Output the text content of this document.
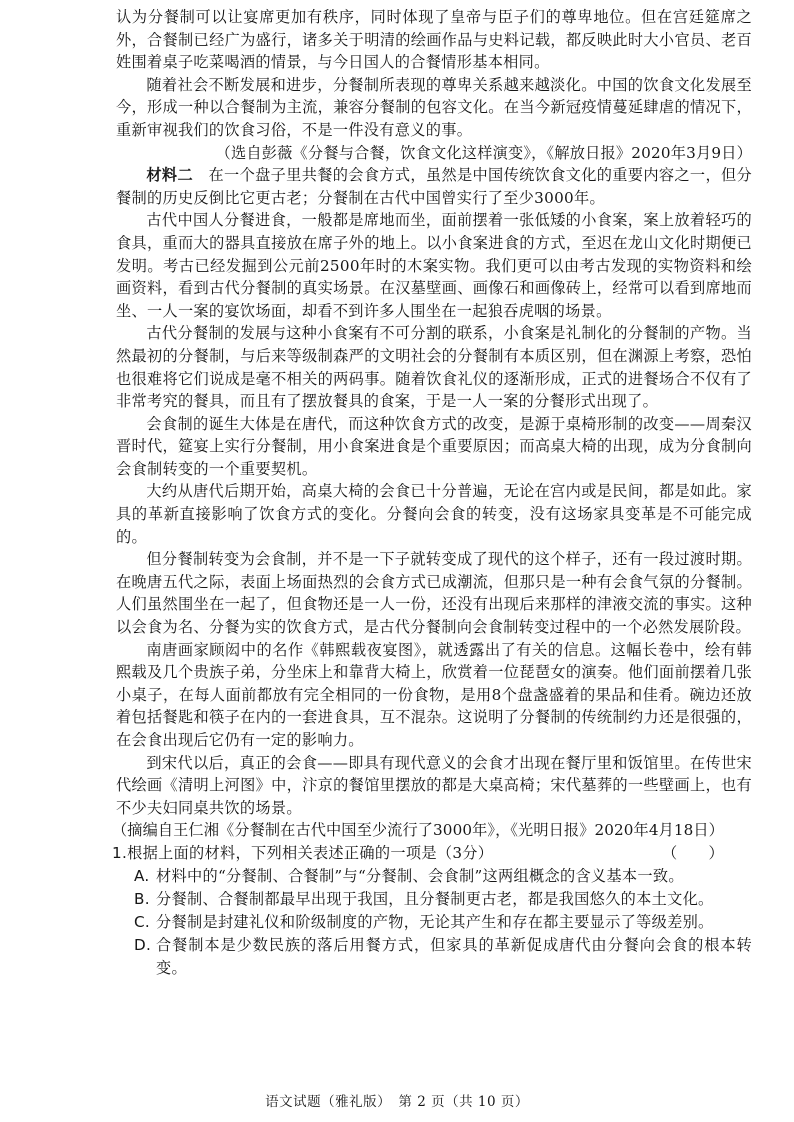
认为分餐制可以让宴席更加有秩序，同时体现了皇帝与臣子们的尊卑地位。但在宫廷筵席之外，合餐制已经广为盛行，诸多关于明清的绘画作品与史料记载，都反映此时大小官员、老百姓围着桌子吃菜喝酒的情景，与今日国人的合餐情形基本相同。

随着社会不断发展和进步，分餐制所表现的尊卑关系越来越淡化。中国的饮食文化发展至今，形成一种以合餐制为主流，兼容分餐制的包容文化。在当今新冠疫情蔓延肆虐的情况下，重新审视我们的饮食习俗，不是一件没有意义的事。

（选自彭薇《分餐与合餐，饮食文化这样演变》，《解放日报》2020年3月9日）

材料二　 在一个盘子里共餐的会食方式，虽然是中国传统饮食文化的重要内容之一，但分餐制的历史反倒比它更古老；分餐制在古代中国曾实行了至少3000年。

古代中国人分餐进食，一般都是席地而坐，面前摆着一张低矮的小食案，案上放着轻巧的食具，重而大的器具直接放在席子外的地上。以小食案进食的方式，至迟在龙山文化时期便已发明。考古已经发掘到公元前2500年时的木案实物。我们更可以由考古发现的实物资料和绘画资料，看到古代分餐制的真实场景。在汉墓壁画、画像石和画像砖上，经常可以看到席地而坐、一人一案的宴饮场面，却看不到许多人围坐在一起狼吞虎咽的场景。

古代分餐制的发展与这种小食案有不可分割的联系，小食案是礼制化的分餐制的产物。当然最初的分餐制，与后来等级制森严的文明社会的分餐制有本质区别，但在渊源上考察，恐怕也很难将它们说成是毫不相关的两码事。随着饮食礼仪的逐渐形成，正式的进餐场合不仅有了非常考究的餐具，而且有了摆放餐具的食案，于是一人一案的分餐形式出现了。

会食制的诞生大体是在唐代，而这种饮食方式的改变，是源于桌椅形制的改变——周秦汉晋时代，筵宴上实行分餐制，用小食案进食是个重要原因；而高桌大椅的出现，成为分食制向会食制转变的一个重要契机。

大约从唐代后期开始，高桌大椅的会食已十分普遍，无论在宫内或是民间，都是如此。家具的革新直接影响了饮食方式的变化。分餐向会食的转变，没有这场家具变革是不可能完成的。

但分餐制转变为会食制，并不是一下子就转变成了现代的这个样子，还有一段过渡时期。在晚唐五代之际，表面上场面热烈的会食方式已成潮流，但那只是一种有会食气氛的分餐制。人们虽然围坐在一起了，但食物还是一人一份，还没有出现后来那样的津液交流的事实。这种以会食为名、分餐为实的饮食方式，是古代分餐制向会食制转变过程中的一个必然发展阶段。

南唐画家顾闳中的名作《韩熙载夜宴图》，就透露出了有关的信息。这幅长卷中，绘有韩熙载及几个贵族子弟，分坐床上和靠背大椅上，欣赏着一位琵琶女的演奏。他们面前摆着几张小桌子，在每人面前都放有完全相同的一份食物，是用8个盘盏盛着的果品和佳肴。碗边还放着包括餐匙和筷子在内的一套进食具，互不混杂。这说明了分餐制的传统制约力还是很强的，在会食出现后它仍有一定的影响力。

到宋代以后，真正的会食——即具有现代意义的会食才出现在餐厅里和饭馆里。在传世宋代绘画《清明上河图》中，汴京的餐馆里摆放的都是大桌高椅；宋代墓葬的一些壁画上，也有不少夫妇同桌共饮的场景。

（摘编自王仁湘《分餐制在古代中国至少流行了3000年》，《光明日报》2020年4月18日）

1.根据上面的材料，下列相关表述正确的一项是（3分）	（　　）
A. 材料中的“分餐制、合餐制”与“分餐制、会食制”这两组概念的含义基本一致。
B. 分餐制、合餐制都最早出现于我国，且分餐制更古老，都是我国悠久的本土文化。
C. 分餐制是封建礼仪和阶级制度的产物，无论其产生和存在都主要显示了等级差别。
D. 合餐制本是少数民族的落后用餐方式，但家具的革新促成唐代由分餐向会食的根本转变。
语文试题（雅礼版）　第 2 页（共 10 页）
